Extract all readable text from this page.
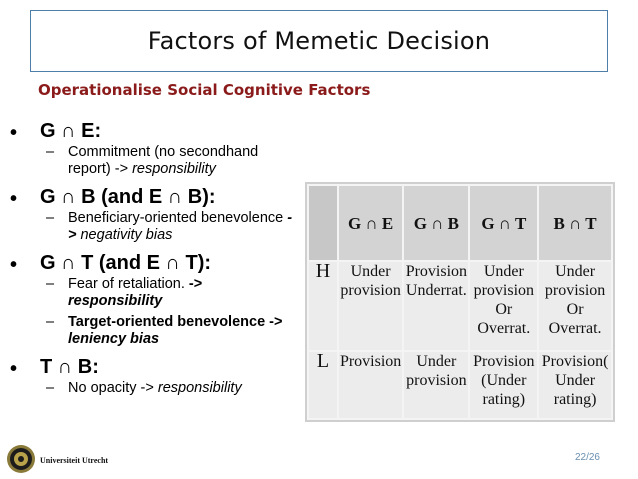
Factors of Memetic Decision
Operationalise Social Cognitive Factors
• G ∩ E:
– Commitment (no secondhand report) -> responsibility
• G ∩ B (and E ∩ B):
– Beneficiary-oriented benevolence -> negativity bias
• G ∩ T (and E ∩ T):
– Fear of retaliation. -> responsibility
– Target-oriented benevolence -> leniency bias
• T ∩ B:
– No opacity -> responsibility
	G ∩ E	G ∩ B	G ∩ T	B ∩ T
H	Under provision	Provision Underrat.	Under provision Or Overrat.	Under provision Or Overrat.
L	Provision	Under provision	Provision (Under rating)	Provision( Under rating)
Universiteit Utrecht	22/26
